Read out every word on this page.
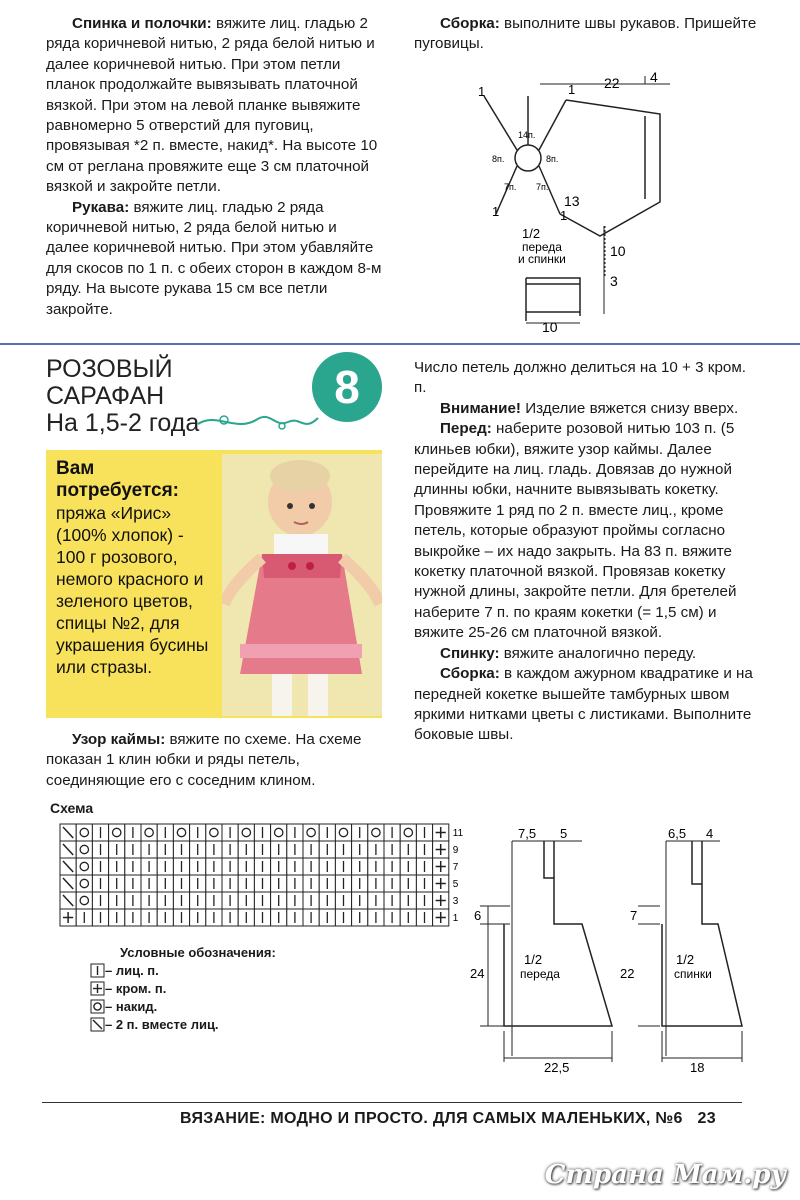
Спинка и полочки: вяжите лиц. гладью 2 ряда коричневой нитью, 2 ряда белой нитью и далее коричневой нитью. При этом петли планок продолжайте вывязывать платочной вязкой. При этом на левой планке вывяжите равномерно 5 отверстий для пуговиц, провязывая *2 п. вместе, накид*. На высоте 10 см от реглана провяжите еще 3 см платочной вязкой и закройте петли.

Рукава: вяжите лиц. гладью 2 ряда коричневой нитью, 2 ряда белой нитью и далее коричневой нитью. При этом убавляйте для скосов по 1 п. с обеих сторон в каждом 8-м ряду. На высоте рукава 15 см все петли закройте.

Сборка: выполните швы рукавов. Пришейте пуговицы.

22 4
14п.
8п.	8п.
7п. 7п.
13
1
1
1
1
1/2
переда
и спинки	10
3
10
РОЗОВЫЙ
САРАФАН
На 1,5-2 года
8
Вам потребуется:
пряжа «Ирис» (100% хлопок) - 100 г розового, немого красного и зеленого цветов, спицы №2, для украшения бусины или стразы.

Узор каймы: вяжите по схеме. На схеме показан 1 клин юбки и ряды петель, соединяющие его с соседним клином.

Число петель должно делиться на 10 + 3 кром. п.

Внимание! Изделие вяжется снизу вверх.

Перед: наберите розовой нитью 103 п. (5 клиньев юбки), вяжите узор каймы. Далее перейдите на лиц. гладь. Довязав до нужной длинны юбки, начните вывязывать кокетку. Провяжите 1 ряд по 2 п. вместе лиц., кроме петель, которые образуют проймы согласно выкройке – их надо закрыть. На 83 п. вяжите кокетку платочной вязкой. Провязав кокетку нужной длины, закройте петли. Для бретелей наберите 7 п. по краям кокетки (= 1,5 см) и вяжите 25-26 см платочной вязкой.

Спинку: вяжите аналогично переду.

Сборка: в каждом ажурном квадратике и на передней кокетке вышейте тамбурных швом яркими нитками цветы с листиками. Выполните боковые швы.

Схема
11
9
7
5
3
1
Условные обозначения:
– лиц. п.
– кром. п.
– накид.
– 2 п. вместе лиц.
7,5 5
6
24
1/2
переда
22,5
6,5 4
7
22
1/2
спинки
18
ВЯЗАНИЕ: МОДНО И ПРОСТО. ДЛЯ САМЫХ МАЛЕНЬКИХ, №6 23
Страна Мам.ру
